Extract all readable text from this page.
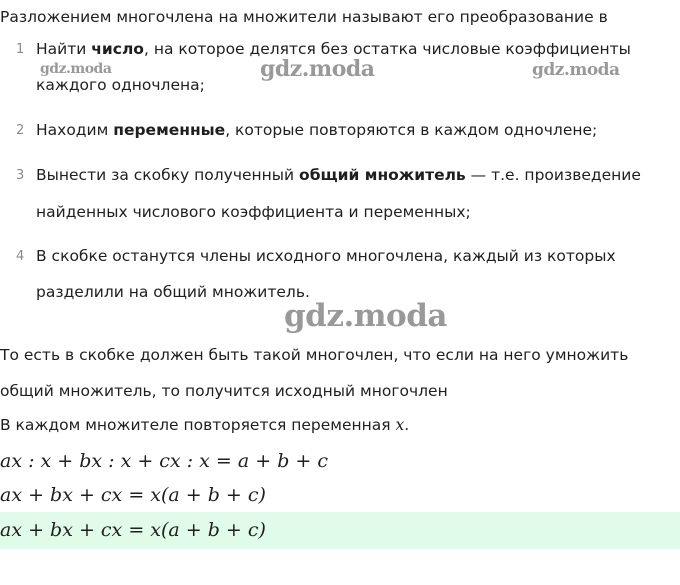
Разложением многочлена на множители называют его преобразование в
1 Найти число, на которое делятся без остатка числовые коэффициенты
каждого одночлена;
2 Находим переменные, которые повторяются в каждом одночлене;
3 Вынести за скобку полученный общий множитель — т.е. произведение
найденных числового коэффициента и переменных;
4 В скобке останутся члены исходного многочлена, каждый из которых
разделили на общий множитель.
То есть в скобке должен быть такой многочлен, что если на него умножить
общий множитель, то получится исходный многочлен
В каждом множителе повторяется переменная x.
ax : x + bx : x + cx : x = a + b + c
ax + bx + cx = x(a + b + c)
ax + bx + cx = x(a + b + c)
gdz.moda	gdz.moda	gdz.moda
gdz.moda
